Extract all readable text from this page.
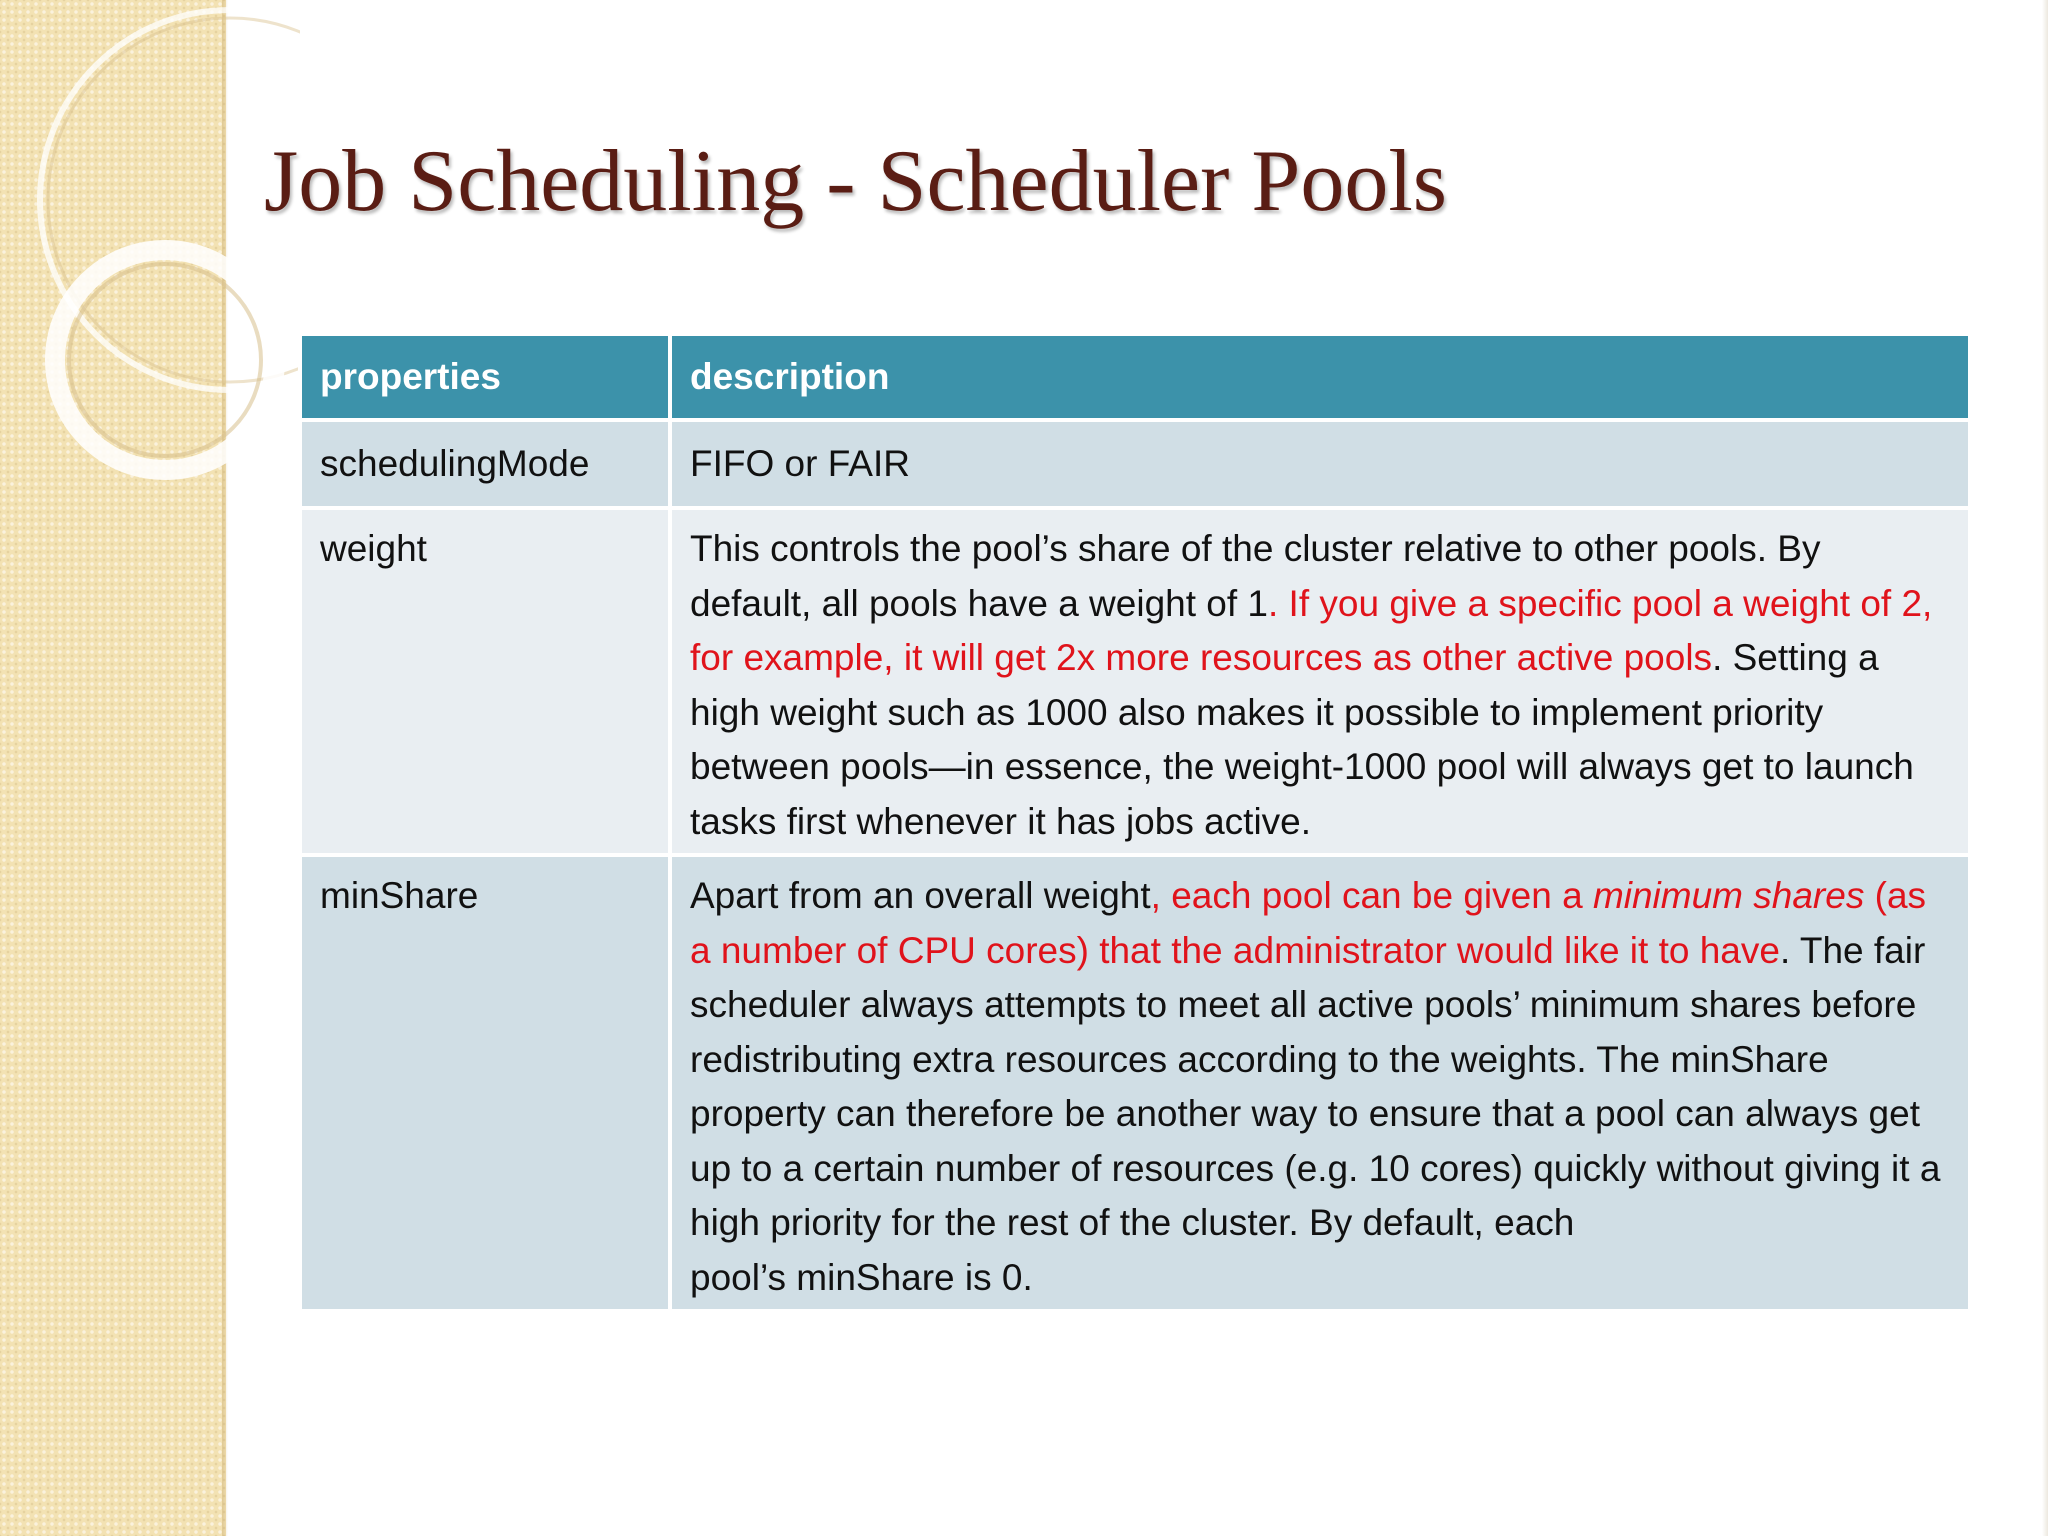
Job Scheduling - Scheduler Pools
properties	description
schedulingMode	FIFO or FAIR
weight	This controls the pool’s share of the cluster relative to other pools. By default, all pools have a weight of 1. If you give a specific pool a weight of 2, for example, it will get 2x more resources as other active pools. Setting a high weight such as 1000 also makes it possible to implement priority between pools—in essence, the weight-1000 pool will always get to launch tasks first whenever it has jobs active.
minShare	Apart from an overall weight, each pool can be given a minimum shares (as a number of CPU cores) that the administrator would like it to have. The fair scheduler always attempts to meet all active pools’ minimum shares before redistributing extra resources according to the weights. The minShare property can therefore be another way to ensure that a pool can always get up to a certain number of resources (e.g. 10 cores) quickly without giving it a high priority for the rest of the cluster. By default, each
pool’s minShare is 0.
